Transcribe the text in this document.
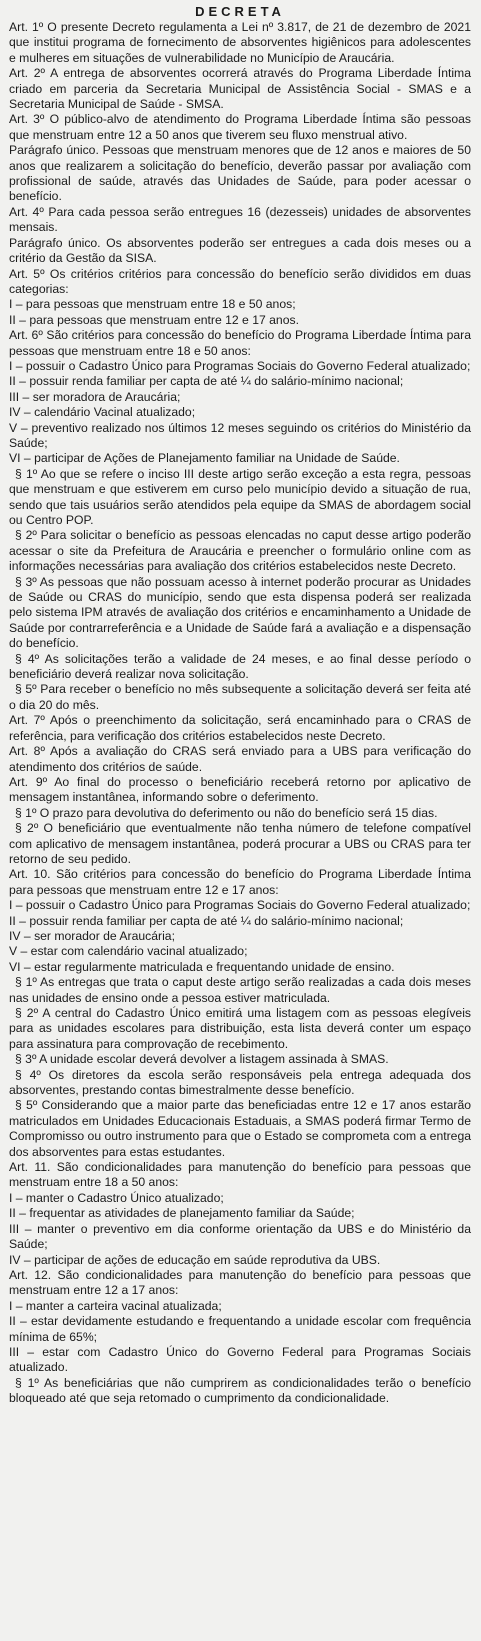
DECRETA

Art. 1º O presente Decreto regulamenta a Lei nº 3.817, de 21 de dezembro de 2021 que institui programa de fornecimento de absorventes higiênicos para adolescentes e mulheres em situações de vulnerabilidade no Município de Araucária.

Art. 2º A entrega de absorventes ocorrerá através do Programa Liberdade Íntima criado em parceria da Secretaria Municipal de Assistência Social - SMAS e a Secretaria Municipal de Saúde - SMSA.

Art. 3º O público-alvo de atendimento do Programa Liberdade Íntima são pessoas que menstruam entre 12 a 50 anos que tiverem seu fluxo menstrual ativo.

Parágrafo único. Pessoas que menstruam menores que de 12 anos e maiores de 50 anos que realizarem a solicitação do benefício, deverão passar por avaliação com profissional de saúde, através das Unidades de Saúde, para poder acessar o benefício.

Art. 4º Para cada pessoa serão entregues 16 (dezesseis) unidades de absorventes mensais.

Parágrafo único. Os absorventes poderão ser entregues a cada dois meses ou a critério da Gestão da SISA.

Art. 5º Os critérios critérios para concessão do benefício serão divididos em duas categorias:

I – para pessoas que menstruam entre 18 e 50 anos;

II – para pessoas que menstruam entre 12 e 17 anos.

Art. 6º São critérios para concessão do benefício do Programa Liberdade Íntima para pessoas que menstruam entre 18 e 50 anos:

I – possuir o Cadastro Único para Programas Sociais do Governo Federal atualizado;

II – possuir renda familiar per capta de até ¼ do salário-mínimo nacional;

III – ser moradora de Araucária;

IV – calendário Vacinal atualizado;

V – preventivo realizado nos últimos 12 meses seguindo os critérios do Ministério da Saúde;

VI – participar de Ações de Planejamento familiar na Unidade de Saúde.

§ 1º Ao que se refere o inciso III deste artigo serão exceção a esta regra, pessoas que menstruam e que estiverem em curso pelo município devido a situação de rua, sendo que tais usuários serão atendidos pela equipe da SMAS de abordagem social ou Centro POP.

§ 2º Para solicitar o benefício as pessoas elencadas no caput desse artigo poderão acessar o site da Prefeitura de Araucária e preencher o formulário online com as informações necessárias para avaliação dos critérios estabelecidos neste Decreto.

§ 3º As pessoas que não possuam acesso à internet poderão procurar as Unidades de Saúde ou CRAS do município, sendo que esta dispensa poderá ser realizada pelo sistema IPM através de avaliação dos critérios e encaminhamento a Unidade de Saúde por contrarreferência e a Unidade de Saúde fará a avaliação e a dispensação do benefício.

§ 4º As solicitações terão a validade de 24 meses, e ao final desse período o beneficiário deverá realizar nova solicitação.

§ 5º Para receber o benefício no mês subsequente a solicitação deverá ser feita até o dia 20 do mês.

Art. 7º Após o preenchimento da solicitação, será encaminhado para o CRAS de referência, para verificação dos critérios estabelecidos neste Decreto.

Art. 8º Após a avaliação do CRAS será enviado para a UBS para verificação do atendimento dos critérios de saúde.

Art. 9º Ao final do processo o beneficiário receberá retorno por aplicativo de mensagem instantânea, informando sobre o deferimento.

§ 1º O prazo para devolutiva do deferimento ou não do benefício será 15 dias.

§ 2º O beneficiário que eventualmente não tenha número de telefone compatível com aplicativo de mensagem instantânea, poderá procurar a UBS ou CRAS para ter retorno de seu pedido.

Art. 10. São critérios para concessão do benefício do Programa Liberdade Íntima para pessoas que menstruam entre 12 e 17 anos:

I – possuir o Cadastro Único para Programas Sociais do Governo Federal atualizado;

II – possuir renda familiar per capta de até ¼ do salário-mínimo nacional;

IV – ser morador de Araucária;

V – estar com calendário vacinal atualizado;

VI – estar regularmente matriculada e frequentando unidade de ensino.

§ 1º As entregas que trata o caput deste artigo serão realizadas a cada dois meses nas unidades de ensino onde a pessoa estiver matriculada.

§ 2º A central do Cadastro Único emitirá uma listagem com as pessoas elegíveis para as unidades escolares para distribuição, esta lista deverá conter um espaço para assinatura para comprovação de recebimento.

§ 3º A unidade escolar deverá devolver a listagem assinada à SMAS.

§ 4º Os diretores da escola serão responsáveis pela entrega adequada dos absorventes, prestando contas bimestralmente desse benefício.

§ 5º Considerando que a maior parte das beneficiadas entre 12 e 17 anos estarão matriculados em Unidades Educacionais Estaduais, a SMAS poderá firmar Termo de Compromisso ou outro instrumento para que o Estado se comprometa com a entrega dos absorventes para estas estudantes.

Art. 11. São condicionalidades para manutenção do benefício para pessoas que menstruam entre 18 a 50 anos:

I – manter o Cadastro Único atualizado;

II – frequentar as atividades de planejamento familiar da Saúde;

III – manter o preventivo em dia conforme orientação da UBS e do Ministério da Saúde;

IV – participar de ações de educação em saúde reprodutiva da UBS.

Art. 12. São condicionalidades para manutenção do benefício para pessoas que menstruam entre 12 a 17 anos:

I – manter a carteira vacinal atualizada;

II – estar devidamente estudando e frequentando a unidade escolar com frequência mínima de 65%;

III – estar com Cadastro Único do Governo Federal para Programas Sociais atualizado.

§ 1º As beneficiárias que não cumprirem as condicionalidades terão o benefício bloqueado até que seja retomado o cumprimento da condicionalidade.
